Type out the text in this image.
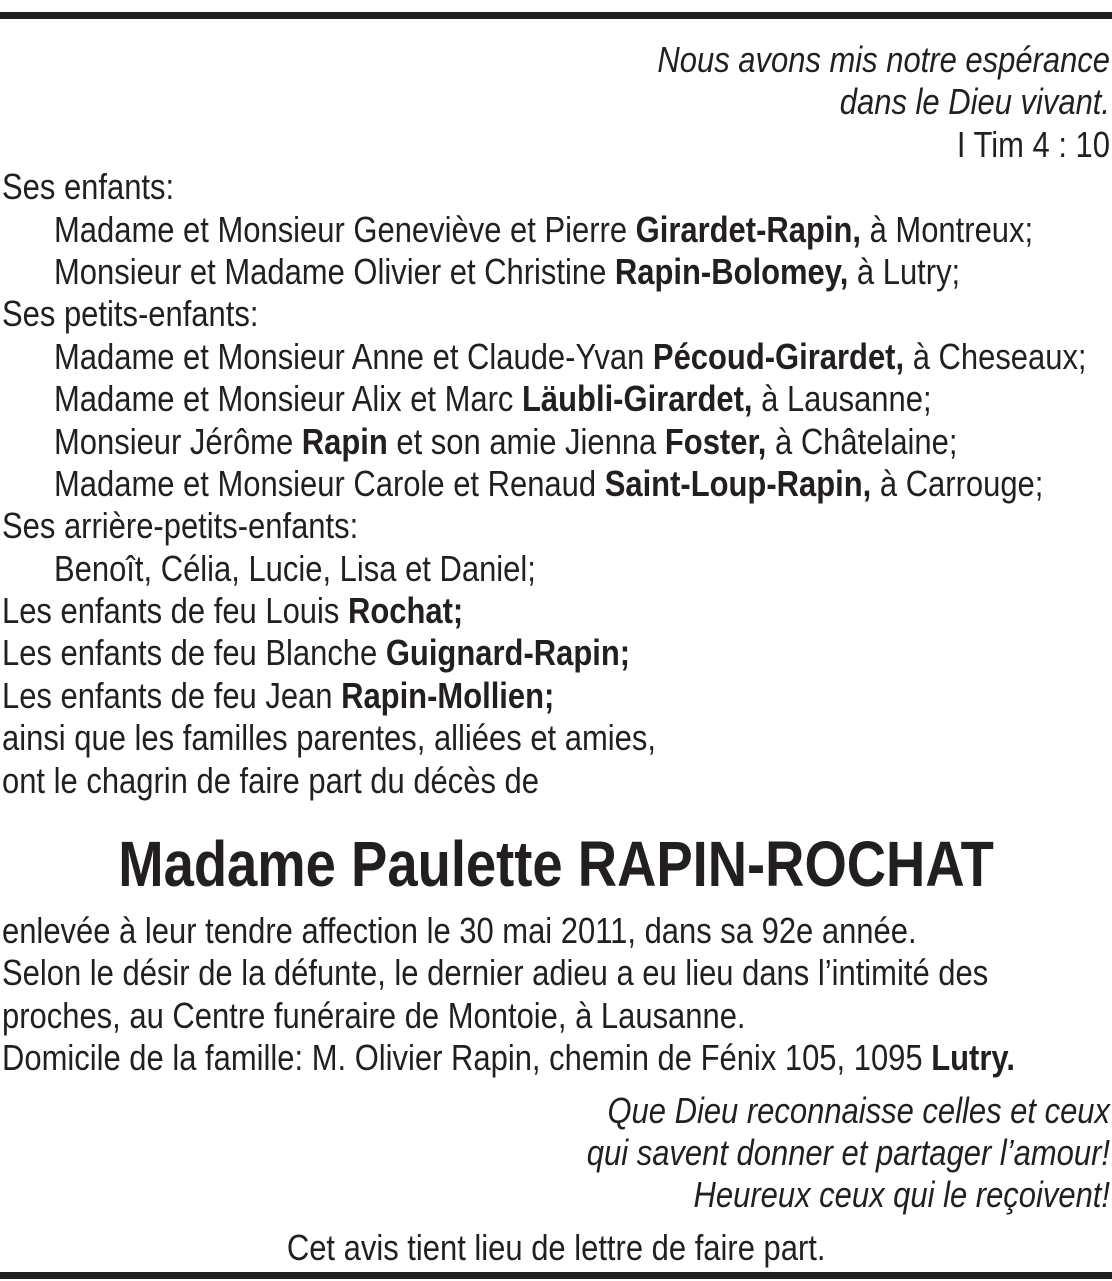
Nous avons mis notre espérance
dans le Dieu vivant.
I Tim 4 : 10
Ses enfants:
Madame et Monsieur Geneviève et Pierre Girardet-Rapin, à Montreux;
Monsieur et Madame Olivier et Christine Rapin-Bolomey, à Lutry;
Ses petits-enfants:
Madame et Monsieur Anne et Claude-Yvan Pécoud-Girardet, à Cheseaux;
Madame et Monsieur Alix et Marc Läubli-Girardet, à Lausanne;
Monsieur Jérôme Rapin et son amie Jienna Foster, à Châtelaine;
Madame et Monsieur Carole et Renaud Saint-Loup-Rapin, à Carrouge;
Ses arrière-petits-enfants:
Benoît, Célia, Lucie, Lisa et Daniel;
Les enfants de feu Louis Rochat;
Les enfants de feu Blanche Guignard-Rapin;
Les enfants de feu Jean Rapin-Mollien;
ainsi que les familles parentes, alliées et amies,
ont le chagrin de faire part du décès de
Madame Paulette RAPIN-ROCHAT
enlevée à leur tendre affection le 30 mai 2011, dans sa 92e année.
Selon le désir de la défunte, le dernier adieu a eu lieu dans l’intimité des
proches, au Centre funéraire de Montoie, à Lausanne.
Domicile de la famille: M. Olivier Rapin, chemin de Fénix 105, 1095 Lutry.
Que Dieu reconnaisse celles et ceux
qui savent donner et partager l’amour!
Heureux ceux qui le reçoivent!
Cet avis tient lieu de lettre de faire part.
